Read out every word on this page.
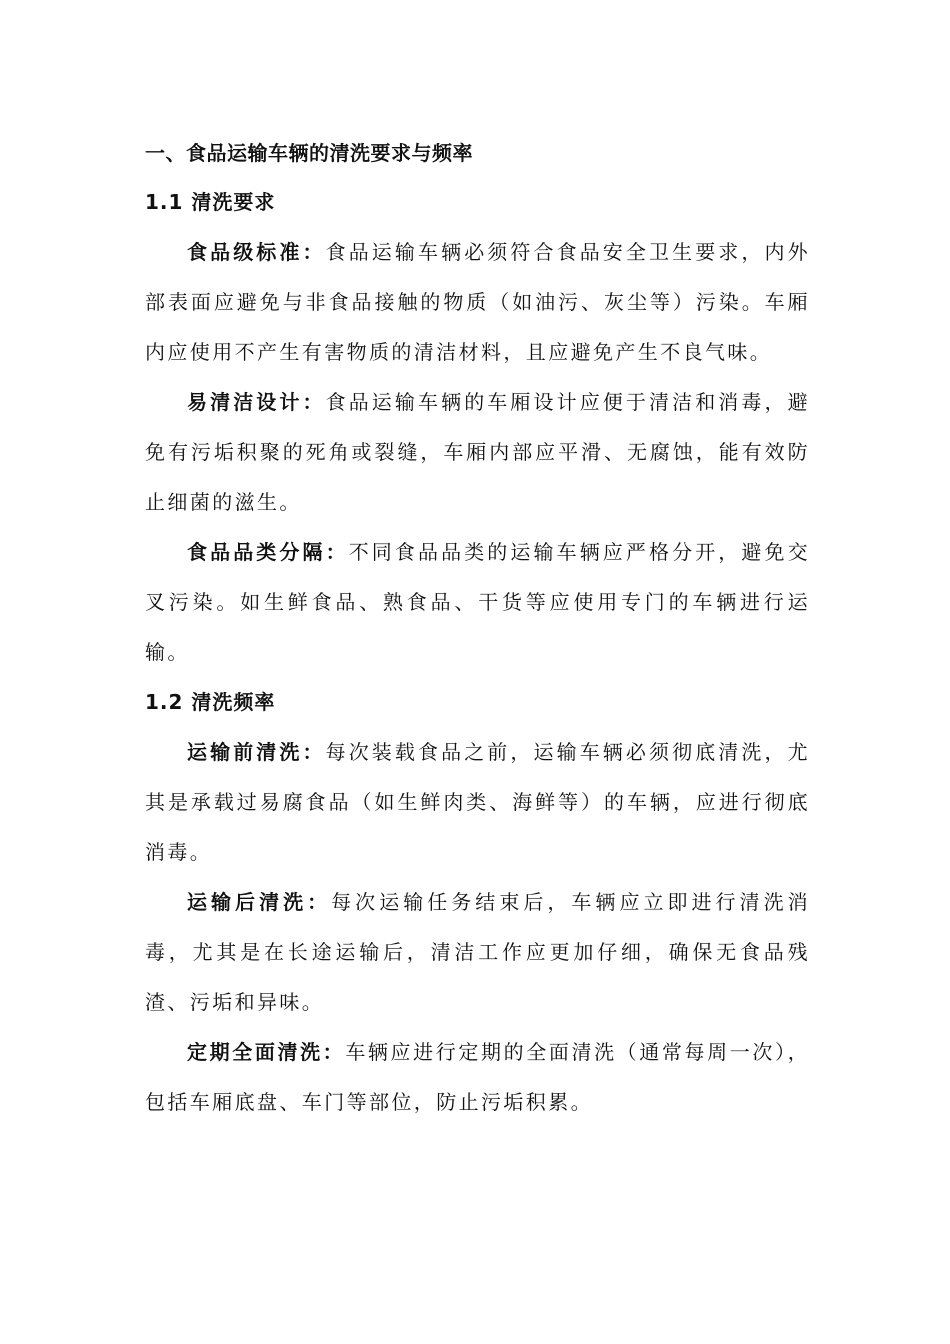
一、食品运输车辆的清洗要求与频率
1.1 清洗要求

食品级标准：食品运输车辆必须符合食品安全卫生要求，内外部表面应避免与非食品接触的物质（如油污、灰尘等）污染。车厢内应使用不产生有害物质的清洁材料，且应避免产生不良气味。

易清洁设计：食品运输车辆的车厢设计应便于清洁和消毒，避免有污垢积聚的死角或裂缝，车厢内部应平滑、无腐蚀，能有效防止细菌的滋生。

食品品类分隔：不同食品品类的运输车辆应严格分开，避免交叉污染。如生鲜食品、熟食品、干货等应使用专门的车辆进行运输。

1.2 清洗频率

运输前清洗：每次装载食品之前，运输车辆必须彻底清洗，尤其是承载过易腐食品（如生鲜肉类、海鲜等）的车辆，应进行彻底消毒。

运输后清洗：每次运输任务结束后，车辆应立即进行清洗消毒，尤其是在长途运输后，清洁工作应更加仔细，确保无食品残渣、污垢和异味。

定期全面清洗：车辆应进行定期的全面清洗（通常每周一次），包括车厢底盘、车门等部位，防止污垢积累。
